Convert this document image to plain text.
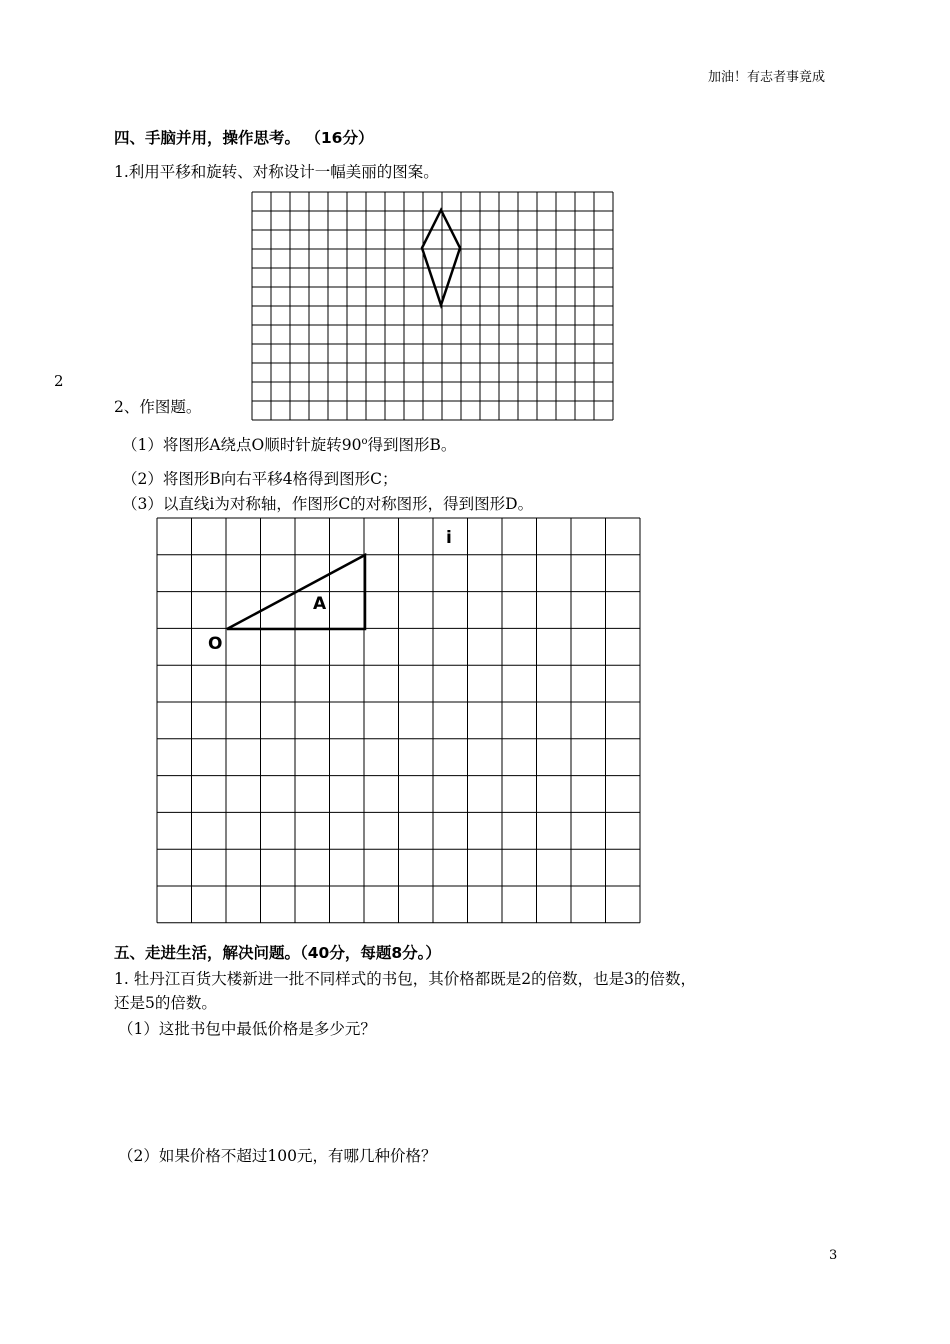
加油！有志者事竟成
四、手脑并用，操作思考。 （16分）
1.利用平移和旋转、对称设计一幅美丽的图案。
2
2、作图题。
（1）将图形A绕点O顺时针旋转90$^o$得到图形B。
（2）将图形B向右平移4格得到图形C；
（3）以直线i为对称轴，作图形C的对称图形，得到图形D。
i
A
O
五、走进生活，解决问题。（40分，每题8分。）
1. 牡丹江百货大楼新进一批不同样式的书包，其价格都既是2的倍数，也是3的倍数，
还是5的倍数。
（1）这批书包中最低价格是多少元？
（2）如果价格不超过100元，有哪几种价格？
3
